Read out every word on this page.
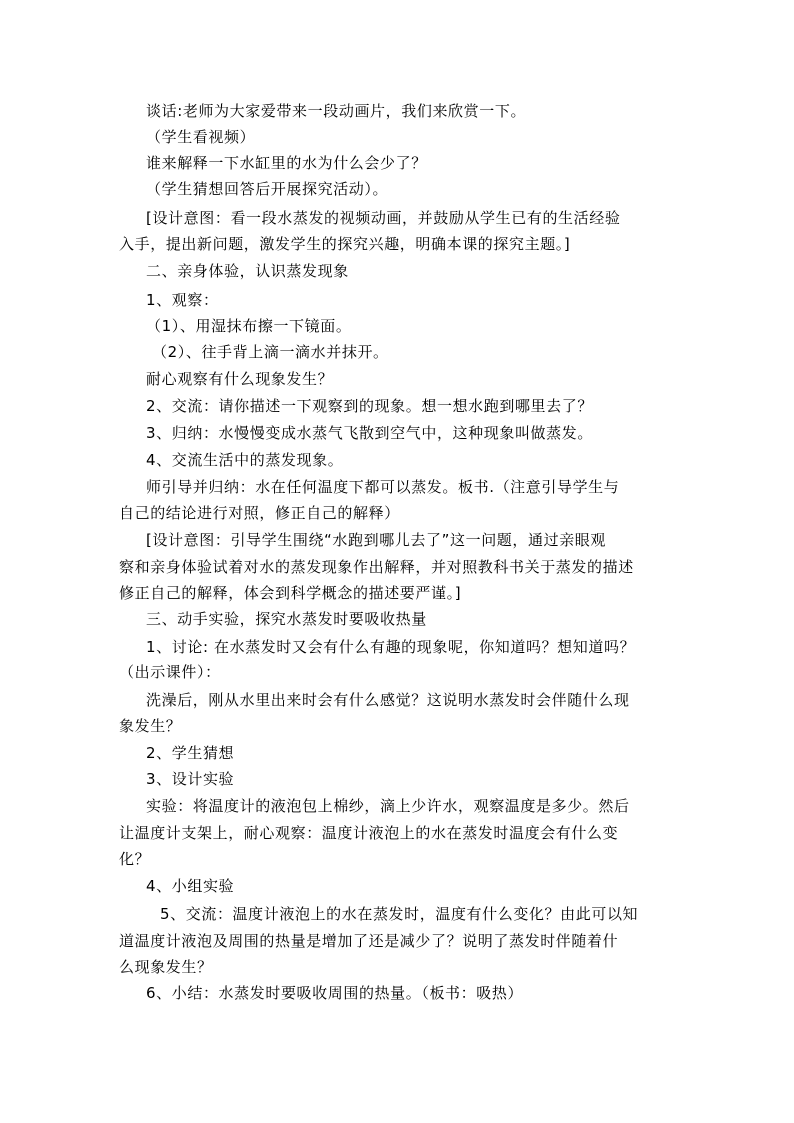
谈话:老师为大家爱带来一段动画片，我们来欣赏一下。
（学生看视频）
谁来解释一下水缸里的水为什么会少了？
（学生猜想回答后开展探究活动）。
[设计意图：看一段水蒸发的视频动画，并鼓励从学生已有的生活经验
入手，提出新问题，激发学生的探究兴趣，明确本课的探究主题。]
二、亲身体验，认识蒸发现象
1、观察：
（1）、用湿抹布擦一下镜面。
（2）、往手背上滴一滴水并抹开。
耐心观察有什么现象发生？
2、交流：请你描述一下观察到的现象。想一想水跑到哪里去了？
3、归纳：水慢慢变成水蒸气飞散到空气中，这种现象叫做蒸发。
4、交流生活中的蒸发现象。
师引导并归纳：水在任何温度下都可以蒸发。板书.（注意引导学生与
自己的结论进行对照，修正自己的解释）
[设计意图：引导学生围绕“水跑到哪儿去了”这一问题，通过亲眼观
察和亲身体验试着对水的蒸发现象作出解释，并对照教科书关于蒸发的描述
修正自己的解释，体会到科学概念的描述要严谨。]
三、动手实验，探究水蒸发时要吸收热量
1、讨论: 在水蒸发时又会有什么有趣的现象呢，你知道吗？想知道吗？
（出示课件）：
洗澡后，刚从水里出来时会有什么感觉？这说明水蒸发时会伴随什么现
象发生？
2、学生猜想
3、设计实验
实验：将温度计的液泡包上棉纱，滴上少许水，观察温度是多少。然后
让温度计支架上，耐心观察：温度计液泡上的水在蒸发时温度会有什么变
化？
4、小组实验
5、交流：温度计液泡上的水在蒸发时，温度有什么变化？由此可以知
道温度计液泡及周围的热量是增加了还是减少了？说明了蒸发时伴随着什
么现象发生？
6、小结：水蒸发时要吸收周围的热量。（板书：吸热）
